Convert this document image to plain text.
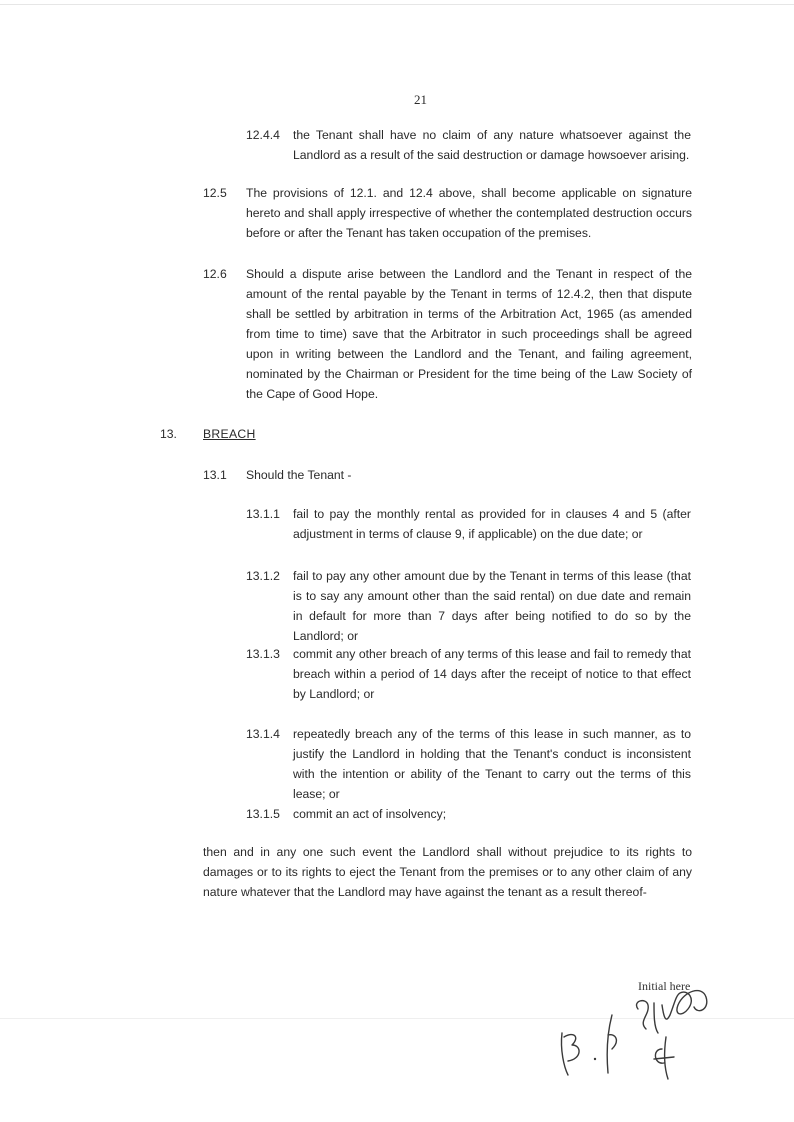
21
12.4.4 the Tenant shall have no claim of any nature whatsoever against the Landlord as a result of the said destruction or damage howsoever arising.
12.5 The provisions of 12.1. and 12.4 above, shall become applicable on signature hereto and shall apply irrespective of whether the contemplated destruction occurs before or after the Tenant has taken occupation of the premises.
12.6 Should a dispute arise between the Landlord and the Tenant in respect of the amount of the rental payable by the Tenant in terms of 12.4.2, then that dispute shall be settled by arbitration in terms of the Arbitration Act, 1965 (as amended from time to time) save that the Arbitrator in such proceedings shall be agreed upon in writing between the Landlord and the Tenant, and failing agreement, nominated by the Chairman or President for the time being of the Law Society of the Cape of Good Hope.
13. BREACH
13.1 Should the Tenant -
13.1.1 fail to pay the monthly rental as provided for in clauses 4 and 5 (after adjustment in terms of clause 9, if applicable) on the due date; or
13.1.2 fail to pay any other amount due by the Tenant in terms of this lease (that is to say any amount other than the said rental) on due date and remain in default for more than 7 days after being notified to do so by the Landlord; or
13.1.3 commit any other breach of any terms of this lease and fail to remedy that breach within a period of 14 days after the receipt of notice to that effect by Landlord; or
13.1.4 repeatedly breach any of the terms of this lease in such manner, as to justify the Landlord in holding that the Tenant's conduct is inconsistent with the intention or ability of the Tenant to carry out the terms of this lease; or
13.1.5 commit an act of insolvency;
then and in any one such event the Landlord shall without prejudice to its rights to damages or to its rights to eject the Tenant from the premises or to any other claim of any nature whatever that the Landlord may have against the tenant as a result thereof-
Initial here
